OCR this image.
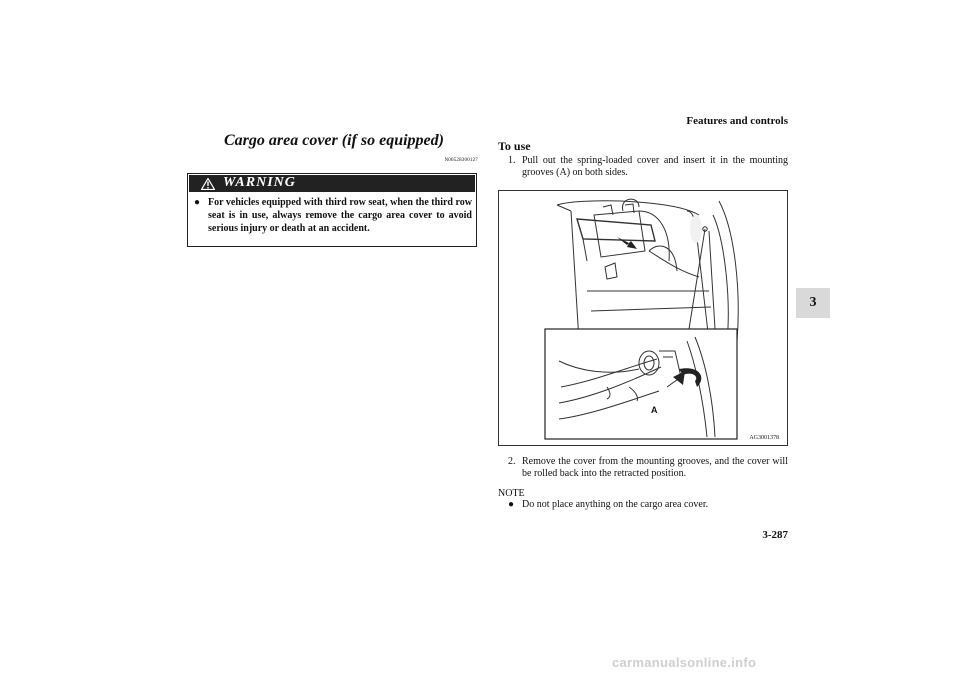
Features and controls
3
Cargo area cover (if so equipped)
N00528300127
WARNING
● For vehicles equipped with third row seat, when the third row seat is in use, always remove the cargo area cover to avoid serious injury or death at an accident.
To use
1. Pull out the spring-loaded cover and insert it in the mounting grooves (A) on both sides.
A
AG3001378
2. Remove the cover from the mounting grooves, and the cover will be rolled back into the retracted position.
NOTE
● Do not place anything on the cargo area cover.
3-287
carmanualsonline.info
